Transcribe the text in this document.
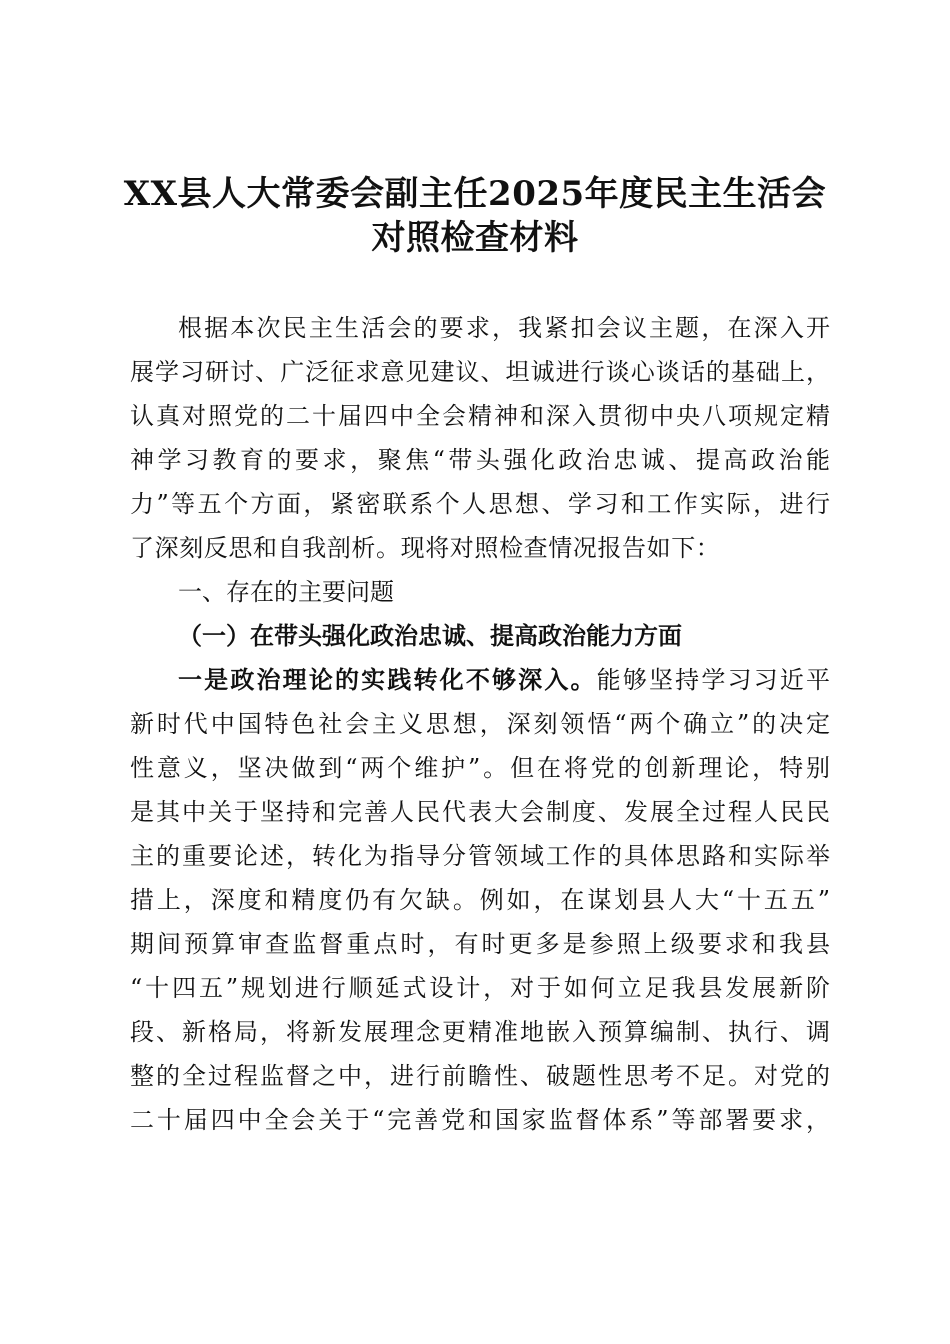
XX县人大常委会副主任2025年度民主生活会
对照检查材料

根据本次民主生活会的要求，我紧扣会议主题，在深入开

展学习研讨、广泛征求意见建议、坦诚进行谈心谈话的基础上，

认真对照党的二十届四中全会精神和深入贯彻中央八项规定精

神学习教育的要求，聚焦“带头强化政治忠诚、提高政治能

力”等五个方面，紧密联系个人思想、学习和工作实际，进行

了深刻反思和自我剖析。现将对照检查情况报告如下：

一、存在的主要问题

（一）在带头强化政治忠诚、提高政治能力方面

一是政治理论的实践转化不够深入。能够坚持学习习近平

新时代中国特色社会主义思想，深刻领悟“两个确立”的决定

性意义，坚决做到“两个维护”。但在将党的创新理论，特别

是其中关于坚持和完善人民代表大会制度、发展全过程人民民

主的重要论述，转化为指导分管领域工作的具体思路和实际举

措上，深度和精度仍有欠缺。例如，在谋划县人大“十五五”

期间预算审查监督重点时，有时更多是参照上级要求和我县

“十四五”规划进行顺延式设计，对于如何立足我县发展新阶

段、新格局，将新发展理念更精准地嵌入预算编制、执行、调

整的全过程监督之中，进行前瞻性、破题性思考不足。对党的

二十届四中全会关于“完善党和国家监督体系”等部署要求，
